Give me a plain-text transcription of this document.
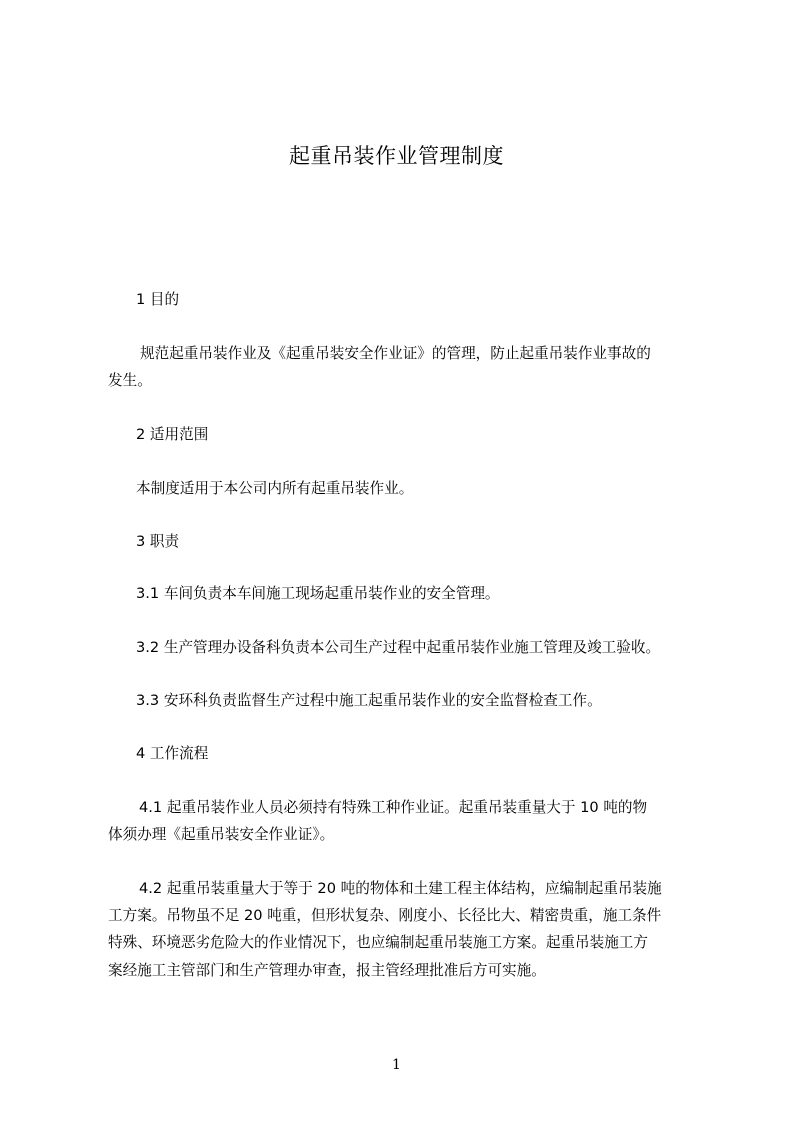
起重吊装作业管理制度
1 目的
规范起重吊装作业及《起重吊装安全作业证》的管理，防止起重吊装作业事故的
发生。
2 适用范围
本制度适用于本公司内所有起重吊装作业。
3 职责
3.1 车间负责本车间施工现场起重吊装作业的安全管理。
3.2 生产管理办设备科负责本公司生产过程中起重吊装作业施工管理及竣工验收。
3.3 安环科负责监督生产过程中施工起重吊装作业的安全监督检查工作。
4 工作流程
4.1 起重吊装作业人员必须持有特殊工种作业证。起重吊装重量大于 10 吨的物
体须办理《起重吊装安全作业证》。
4.2 起重吊装重量大于等于 20 吨的物体和土建工程主体结构，应编制起重吊装施
工方案。吊物虽不足 20 吨重，但形状复杂、刚度小、长径比大、精密贵重，施工条件
特殊、环境恶劣危险大的作业情况下，也应编制起重吊装施工方案。起重吊装施工方
案经施工主管部门和生产管理办审查，报主管经理批准后方可实施。
1
